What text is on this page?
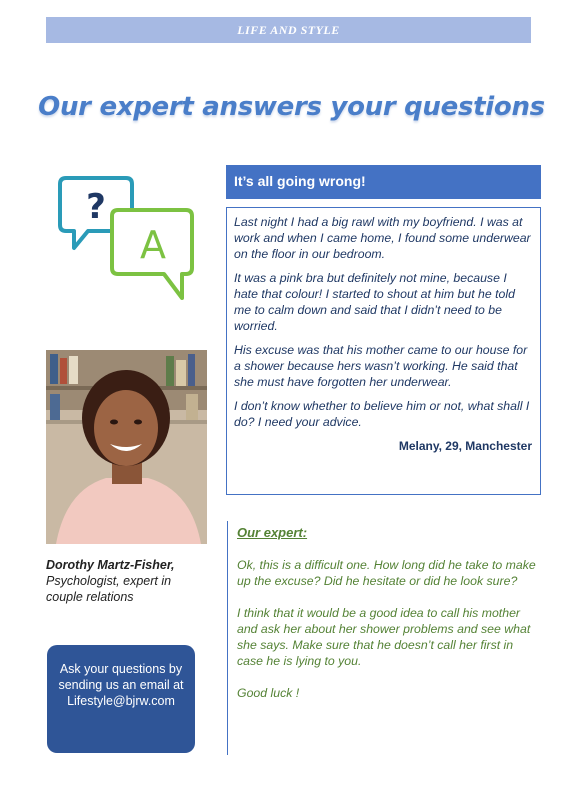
LIFE AND STYLE
Our expert answers your questions
?
A
It’s all going wrong!

Last night I had a big rawl with my boyfriend. I was at work and when I came home, I found some underwear on the floor in our bedroom.

It was a pink bra but definitely not mine, because I hate that colour! I started to shout at him but he told me to calm down and said that I didn’t need to be worried.

His excuse was that his mother came to our house for a shower because hers wasn’t working. He said that she must have forgotten her underwear.

I don’t know whether to believe him or not, what shall I do? I need your advice.

Melany, 29, Manchester
Dorothy Martz-Fisher,
Psychologist, expert in couple relations
Ask your questions by sending us an email at
Lifestyle@bjrw.com
Our expert:

Ok, this is a difficult one. How long did he take to make up the excuse? Did he hesitate or did he look sure?

I think that it would be a good idea to call his mother and ask her about her shower problems and see what she says. Make sure that he doesn’t call her first in case he is lying to you.

Good luck !
